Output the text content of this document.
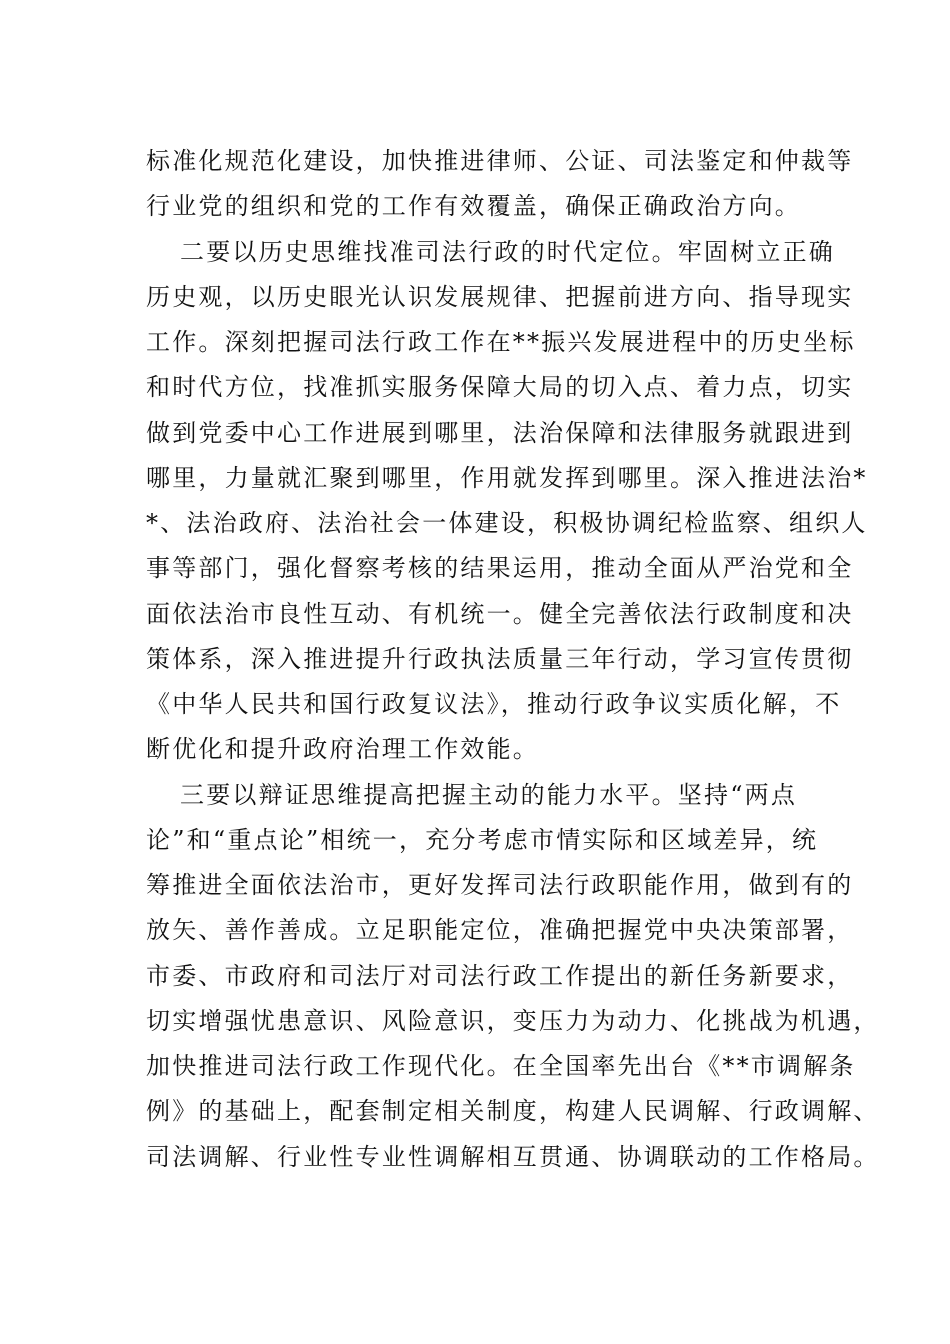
标准化规范化建设，加快推进律师、公证、司法鉴定和仲裁等
行业党的组织和党的工作有效覆盖，确保正确政治方向。
二要以历史思维找准司法行政的时代定位。牢固树立正确
历史观，以历史眼光认识发展规律、把握前进方向、指导现实
工作。深刻把握司法行政工作在**振兴发展进程中的历史坐标
和时代方位，找准抓实服务保障大局的切入点、着力点，切实
做到党委中心工作进展到哪里，法治保障和法律服务就跟进到
哪里，力量就汇聚到哪里，作用就发挥到哪里。深入推进法治*
*、法治政府、法治社会一体建设，积极协调纪检监察、组织人
事等部门，强化督察考核的结果运用，推动全面从严治党和全
面依法治市良性互动、有机统一。健全完善依法行政制度和决
策体系，深入推进提升行政执法质量三年行动，学习宣传贯彻
《中华人民共和国行政复议法》，推动行政争议实质化解，不
断优化和提升政府治理工作效能。
三要以辩证思维提高把握主动的能力水平。坚持“两点
论”和“重点论”相统一，充分考虑市情实际和区域差异，统
筹推进全面依法治市，更好发挥司法行政职能作用，做到有的
放矢、善作善成。立足职能定位，准确把握党中央决策部署，
市委、市政府和司法厅对司法行政工作提出的新任务新要求，
切实增强忧患意识、风险意识，变压力为动力、化挑战为机遇，
加快推进司法行政工作现代化。在全国率先出台《**市调解条
例》的基础上，配套制定相关制度，构建人民调解、行政调解、
司法调解、行业性专业性调解相互贯通、协调联动的工作格局。
